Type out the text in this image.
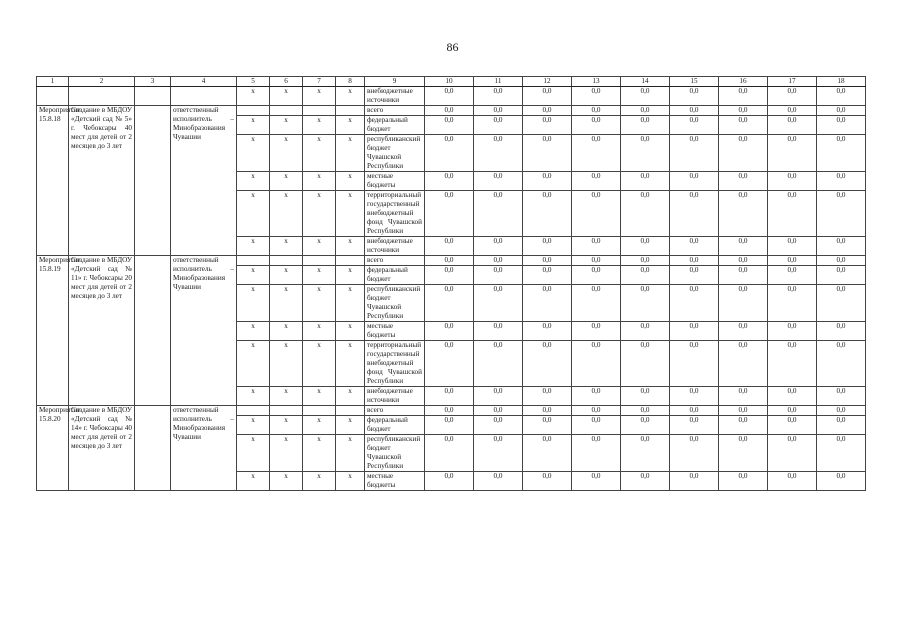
86
1	2	3	4	5	6	7	8	9	10	11	12	13	14	15	16	17	18
				x	x	x	x	внебюджетные источники	0,0	0,0	0,0	0,0	0,0	0,0	0,0	0,0	0,0
Мероприятие 15.8.18	Создание в МБДОУ «Детский сад № 5» г. Чебоксары 40 мест для детей от 2 месяцев до 3 лет		ответственный исполнитель – Минобразования Чувашии					всего	0,0	0,0	0,0	0,0	0,0	0,0	0,0	0,0	0,0
				x	x	x	x	федеральный бюджет	0,0	0,0	0,0	0,0	0,0	0,0	0,0	0,0	0,0
				x	x	x	x	республиканский бюджет Чувашской Республики	0,0	0,0	0,0	0,0	0,0	0,0	0,0	0,0	0,0
				x	x	x	x	местные бюджеты	0,0	0,0	0,0	0,0	0,0	0,0	0,0	0,0	0,0
				x	x	x	x	территориальный государственный внебюджетный фонд Чувашской Республики	0,0	0,0	0,0	0,0	0,0	0,0	0,0	0,0	0,0
				x	x	x	x	внебюджетные источники	0,0	0,0	0,0	0,0	0,0	0,0	0,0	0,0	0,0
Мероприятие 15.8.19	Создание в МБДОУ «Детский сад № 11» г. Чебоксары 20 мест для детей от 2 месяцев до 3 лет		ответственный исполнитель – Минобразования Чувашии					всего	0,0	0,0	0,0	0,0	0,0	0,0	0,0	0,0	0,0
				x	x	x	x	федеральный бюджет	0,0	0,0	0,0	0,0	0,0	0,0	0,0	0,0	0,0
				x	x	x	x	республиканский бюджет Чувашской Республики	0,0	0,0	0,0	0,0	0,0	0,0	0,0	0,0	0,0
				x	x	x	x	местные бюджеты	0,0	0,0	0,0	0,0	0,0	0,0	0,0	0,0	0,0
				x	x	x	x	территориальный государственный внебюджетный фонд Чувашской Республики	0,0	0,0	0,0	0,0	0,0	0,0	0,0	0,0	0,0
				x	x	x	x	внебюджетные источники	0,0	0,0	0,0	0,0	0,0	0,0	0,0	0,0	0,0
Мероприятие 15.8.20	Создание в МБДОУ «Детский сад № 14» г. Чебоксары 40 мест для детей от 2 месяцев до 3 лет		ответственный исполнитель – Минобразования Чувашии					всего	0,0	0,0	0,0	0,0	0,0	0,0	0,0	0,0	0,0
				x	x	x	x	федеральный бюджет	0,0	0,0	0,0	0,0	0,0	0,0	0,0	0,0	0,0
				x	x	x	x	республиканский бюджет Чувашской Республики	0,0	0,0	0,0	0,0	0,0	0,0	0,0	0,0	0,0
				x	x	x	x	местные бюджеты	0,0	0,0	0,0	0,0	0,0	0,0	0,0	0,0	0,0
